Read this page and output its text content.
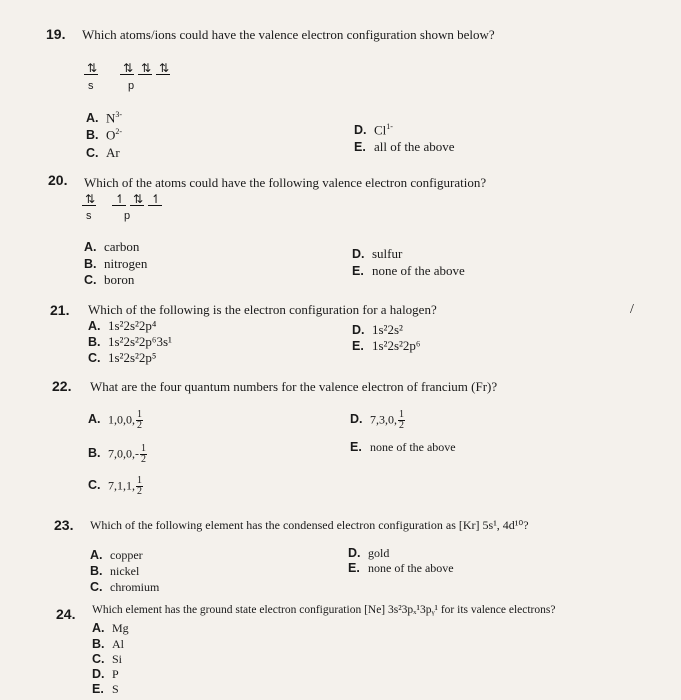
19. Which atoms/ions could have the valence electron configuration shown below?
⇅ ⇅ ⇅ ⇅
s	p
A. $N^{3-}$
B. $O^{2-}$
C. Ar
D. $Cl^{1-}$
E. all of the above
20. Which of the atoms could have the following valence electron configuration?
⇅ ↿ ⇅ ↿
s	p
A. carbon
B. nitrogen
C. boron
D. sulfur
E. none of the above
21. Which of the following is the electron configuration for a halogen?
A. 1s²2s²2p⁴
B. 1s²2s²2p⁶3s¹
C. 1s²2s²2p⁵
D. 1s²2s²
E. 1s²2s²2p⁶
/
22. What are the four quantum numbers for the valence electron of francium (Fr)?
A. 1,0,0, $\frac{1}{2}$
B. $7,0,0,- \frac{1}{2}$
C. 7,1,1, $\frac{1}{2}$
D. 7,3,0, $\frac{1}{2}$
E. none of the above
23. Which of the following element has the condensed electron configuration as [Kr] 5s¹, 4d¹⁰?
A. copper
B. nickel
C. chromium
D. gold
E. none of the above
24. Which element has the ground state electron configuration [Ne] 3s²3pₓ¹3pᵧ¹ for its valence electrons?
A. Mg
B. Al
C. Si
D. P
E. S
